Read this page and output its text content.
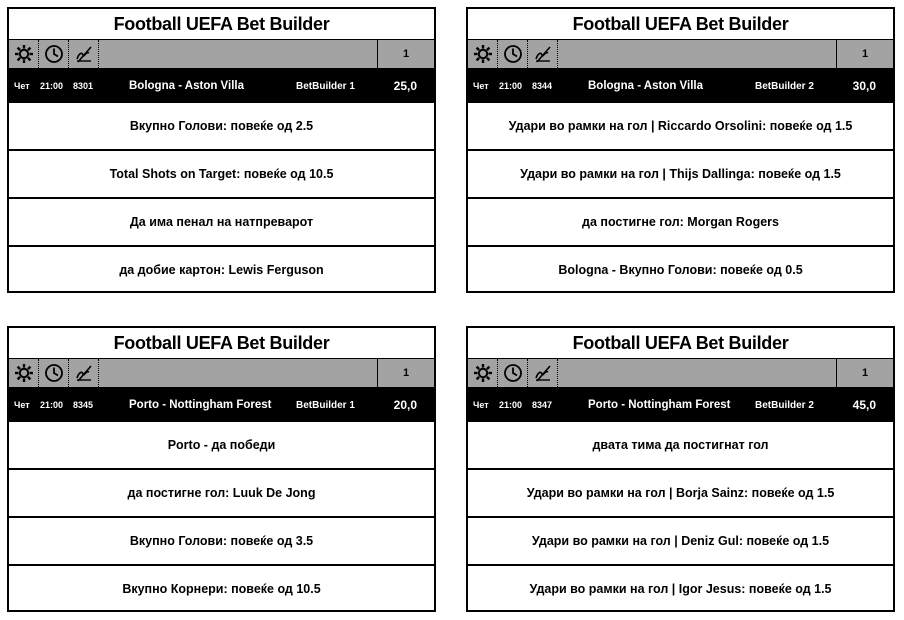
Football UEFA Bet Builder
1
Чет 21:00 8301	Bologna - Aston Villa	BetBuilder 1	25,0
Вкупно Голови: повеќе од 2.5
Total Shots on Target: повеќе од 10.5
Да има пенал на натпреварот
да добие картон: Lewis Ferguson
Football UEFA Bet Builder
1
Чет 21:00 8344	Bologna - Aston Villa	BetBuilder 2	30,0
Удари во рамки на гол | Riccardo Orsolini: повеќе од 1.5
Удари во рамки на гол | Thijs Dallinga: повеќе од 1.5
да постигне гол: Morgan Rogers
Bologna - Вкупно Голови: повеќе од 0.5
Football UEFA Bet Builder
1
Чет 21:00 8345	Porto - Nottingham Forest BetBuilder 1	20,0
Porto - да победи
да постигне гол: Luuk De Jong
Вкупно Голови: повеќе од 3.5
Вкупно Корнери: повеќе од 10.5
Football UEFA Bet Builder
1
Чет 21:00 8347	Porto - Nottingham Forest BetBuilder 2	45,0
двата тима да постигнат гол
Удари во рамки на гол | Borja Sainz: повеќе од 1.5
Удари во рамки на гол | Deniz Gul: повеќе од 1.5
Удари во рамки на гол | Igor Jesus: повеќе од 1.5
